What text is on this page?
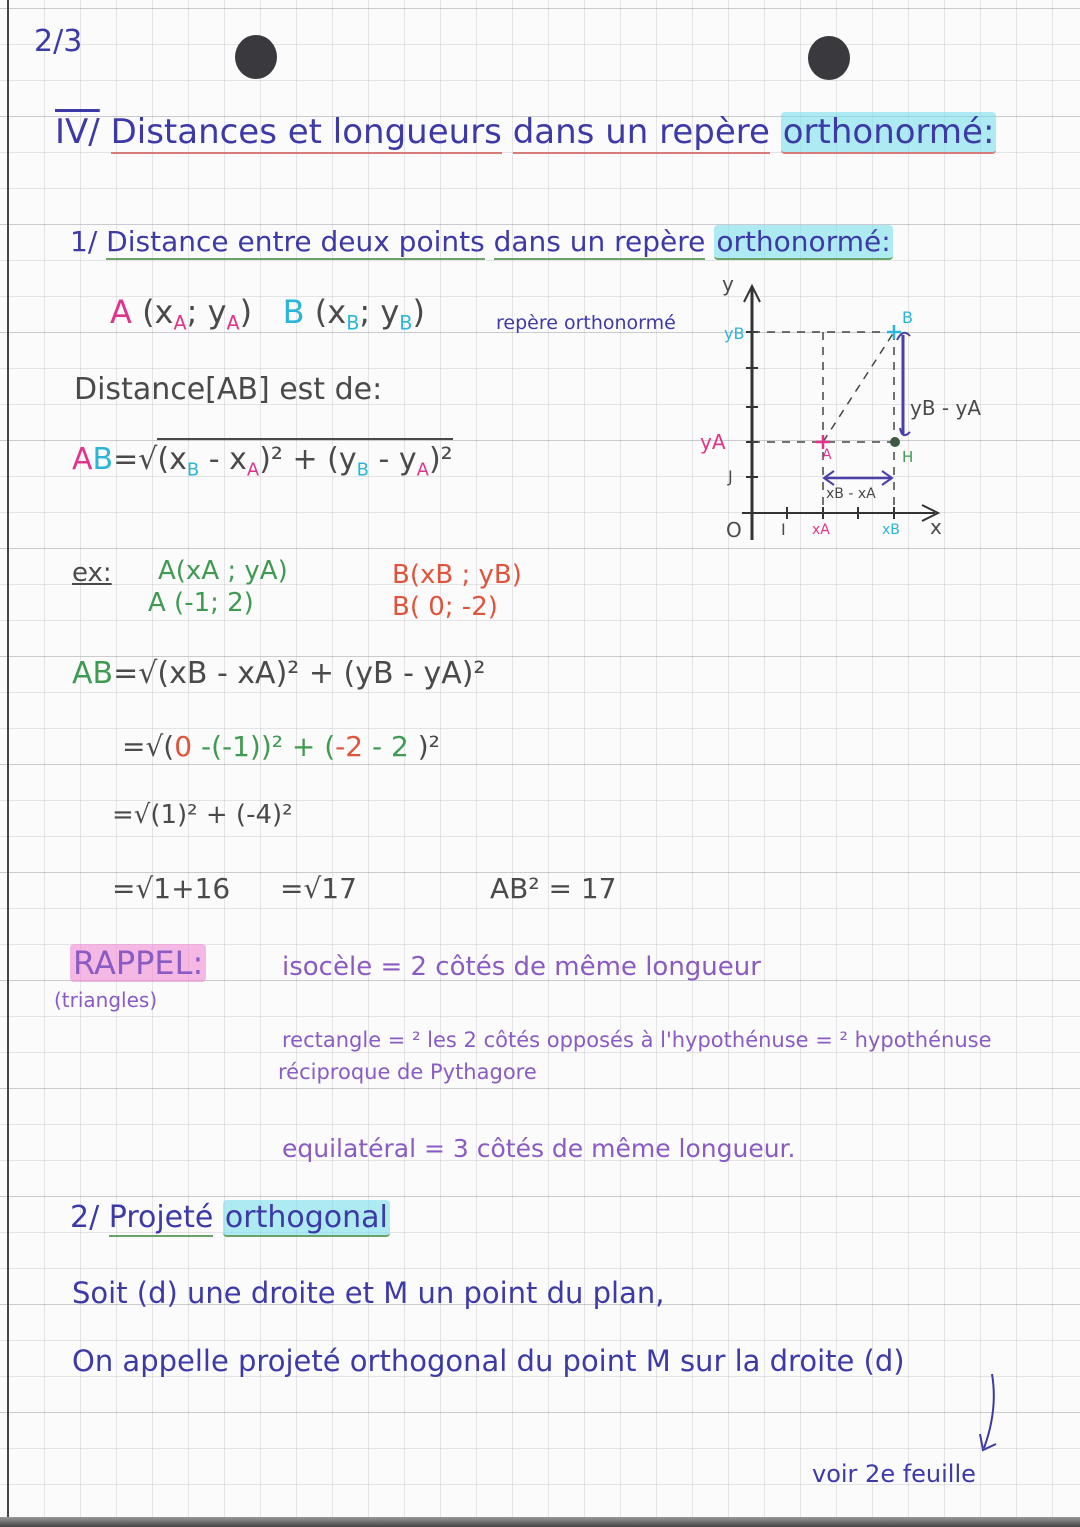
2/3
IV/ Distances et longueurs dans un repère orthonormé:
1/ Distance entre deux points dans un repère orthonormé:
A ($x_A$; $y_A$) B ($x_B$; $y_B$)	repère orthonormé
Distance[AB] est de:
$AB=√(x_B - x_A)^2 + (y_B - y_A)^2$
y
x
O I
J
yB
yA
xA	xB
A
B
H
yB - yA
xB - xA
ex: A(xA ; yA)
A (-1; 2)
B(xB ; yB)
B( 0; -2)
AB=√(xB - xA)² + (yB - yA)²
=√(0 -(-1))² + (-2 - 2 )²
=√(1)² + (-4)²
=√1+16 =√17	AB² = 17
RAPPEL:
(triangles)
isocèle = 2 côtés de même longueur
rectangle = ² les 2 côtés opposés à l'hypothénuse = ² hypothénuse
réciproque de Pythagore
equilatéral = 3 côtés de même longueur.
2/ Projeté orthogonal
Soit (d) une droite et M un point du plan,
On appelle projeté orthogonal du point M sur la droite (d)
voir 2e feuille
